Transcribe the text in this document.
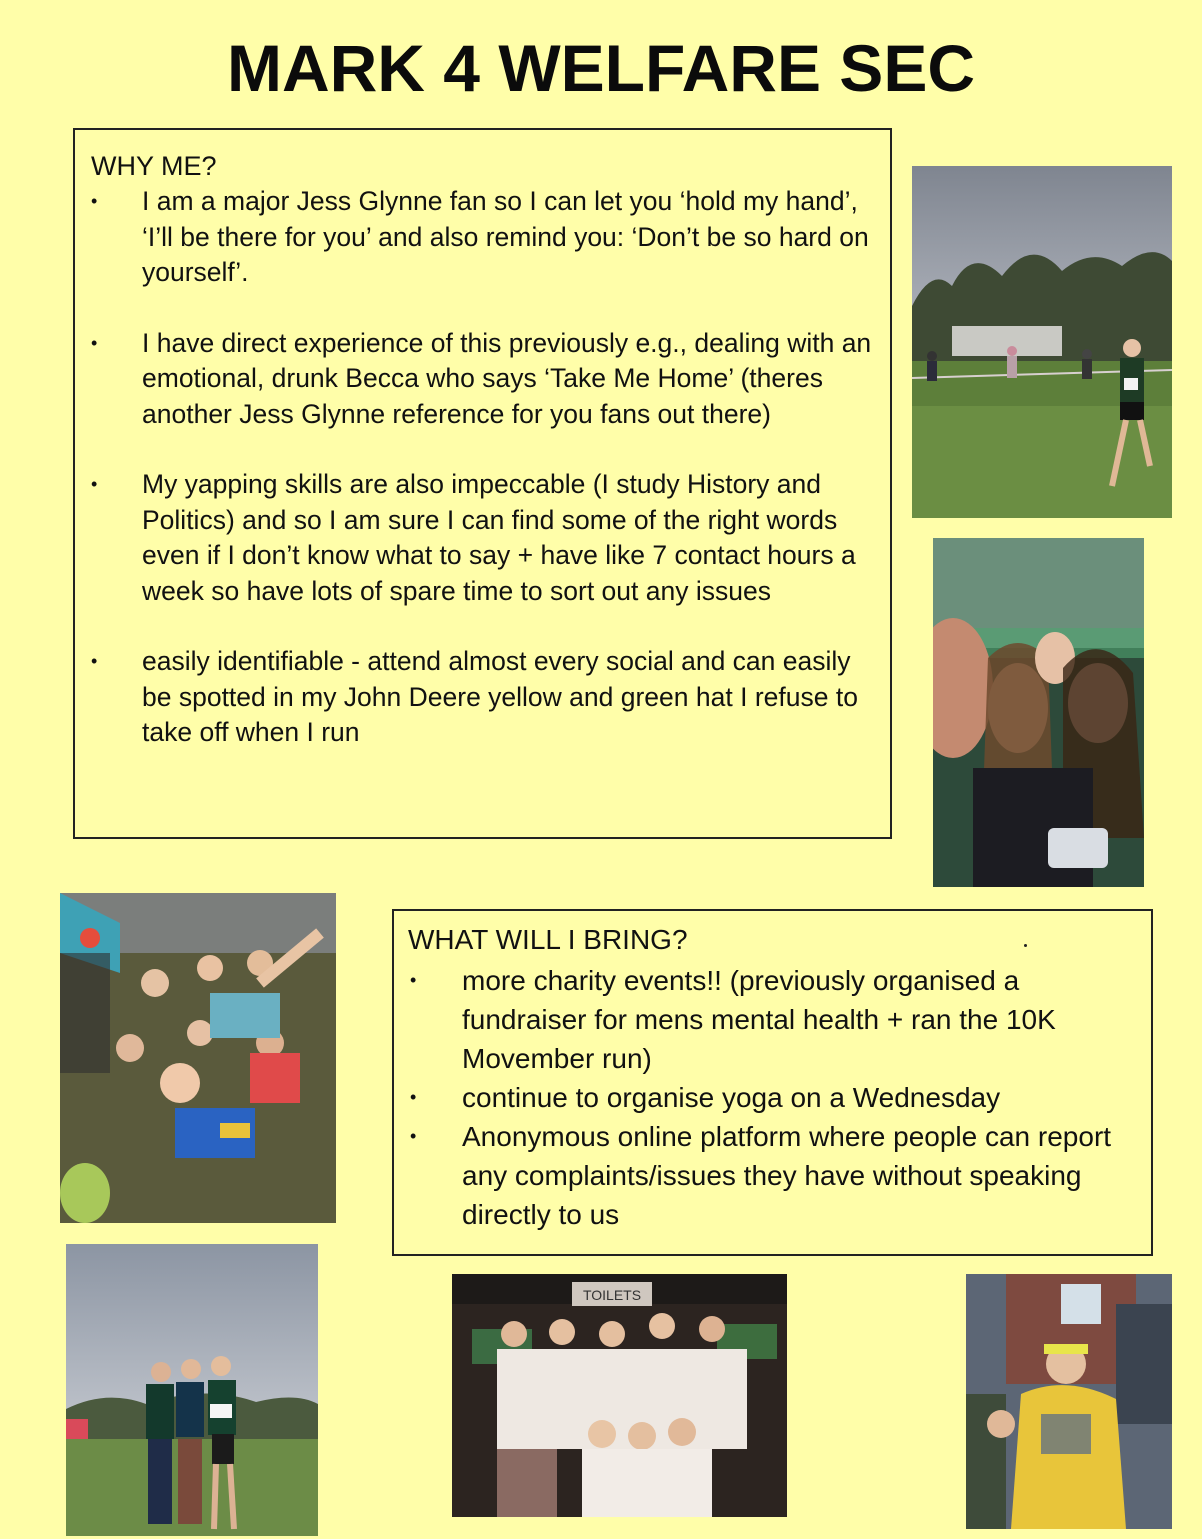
MARK 4 WELFARE SEC

WHY ME?

• I am a major Jess Glynne fan so I can let you ‘hold my hand’, ‘I’ll be there for you’ and also remind you: ‘Don’t be so hard on yourself’.
• I have direct experience of this previously e.g., dealing with an emotional, drunk Becca who says ‘Take Me Home’ (theres another Jess Glynne reference for you fans out there)
• My yapping skills are also impeccable (I study History and Politics) and so I am sure I can find some of the right words even if I don’t know what to say + have like 7 contact hours a week so have lots of spare time to sort out any issues
• easily identifiable - attend almost every social and can easily be spotted in my John Deere yellow and green hat I refuse to take off when I run

WHAT WILL I BRING?

• more charity events!! (previously organised a fundraiser for mens mental health + ran the 10K Movember run)
• continue to organise yoga on a Wednesday
• Anonymous online platform where people can report any complaints/issues they have without speaking directly to us
TOILETS
